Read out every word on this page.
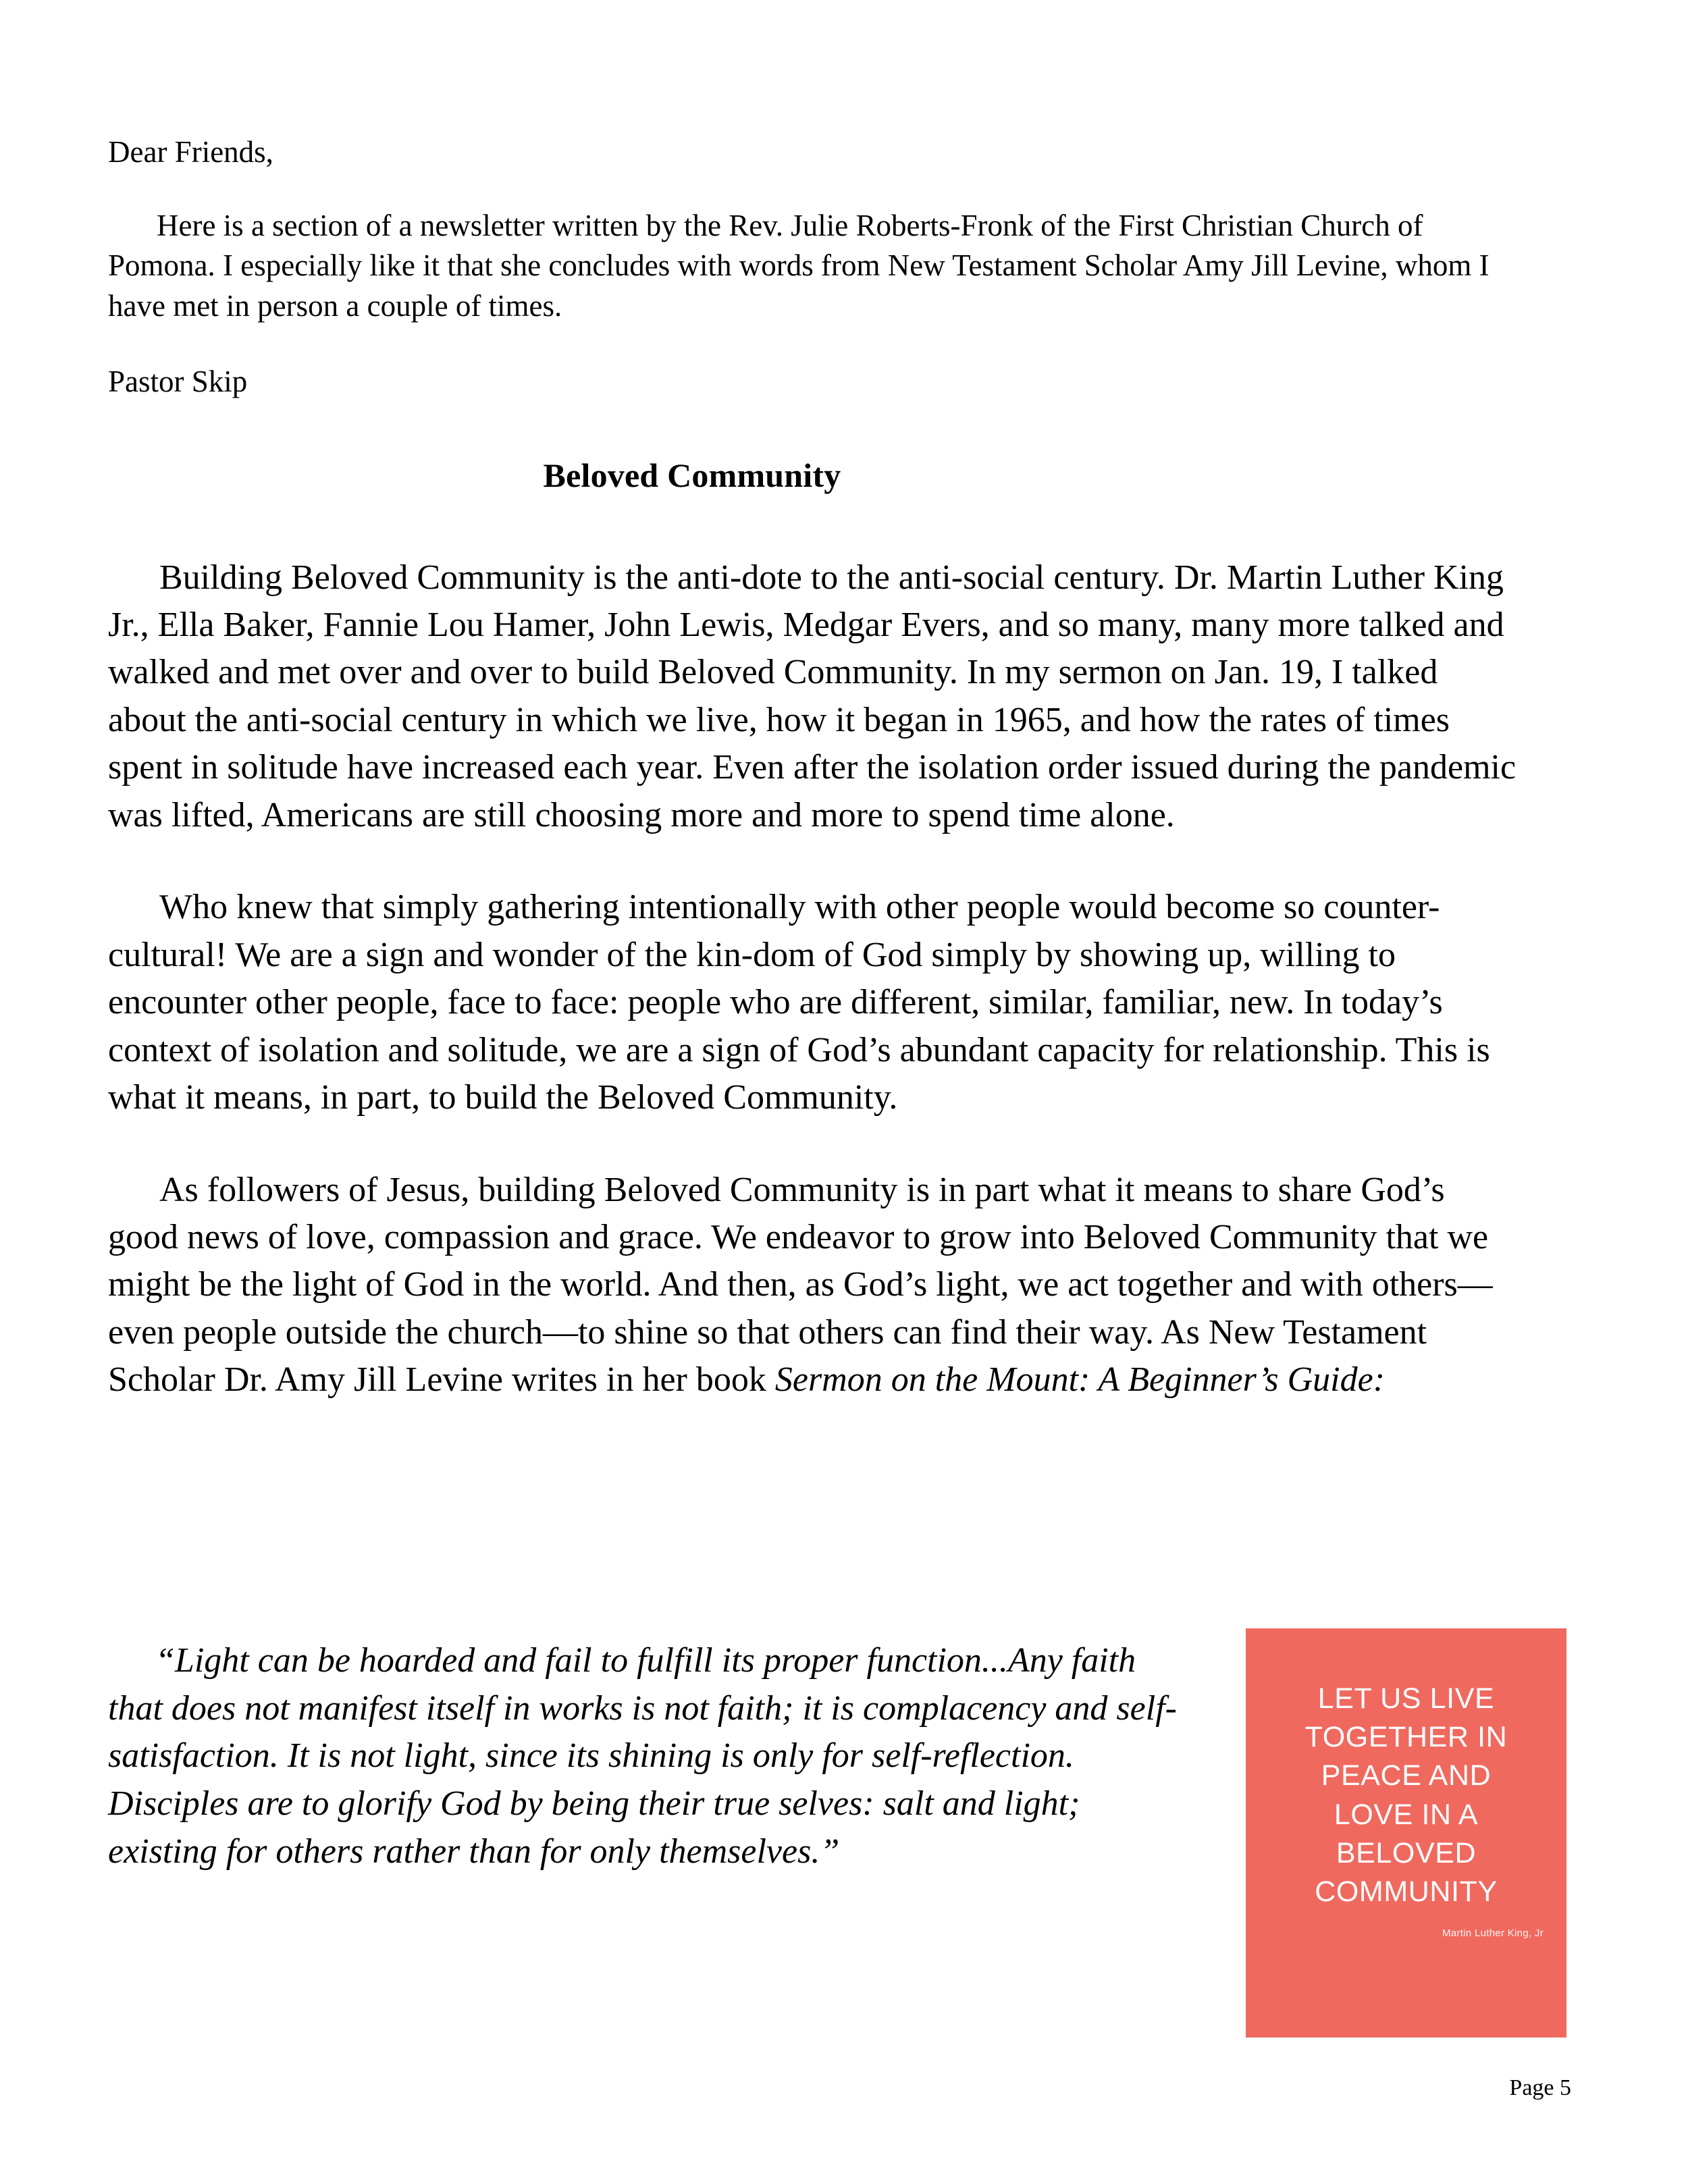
Dear Friends,

Here is a section of a newsletter written by the Rev. Julie Roberts-Fronk of the First Christian Church of Pomona. I especially like it that she concludes with words from New Testament Scholar Amy Jill Levine, whom I have met in person a couple of times.

Pastor Skip

Beloved Community

Building Beloved Community is the anti-dote to the anti-social century. Dr. Martin Luther King Jr., Ella Baker, Fannie Lou Hamer, John Lewis, Medgar Evers, and so many, many more talked and walked and met over and over to build Beloved Community. In my sermon on Jan. 19, I talked about the anti-social century in which we live, how it began in 1965, and how the rates of times spent in solitude have increased each year. Even after the isolation order issued during the pandemic was lifted, Americans are still choosing more and more to spend time alone.

Who knew that simply gathering intentionally with other people would become so counter-cultural! We are a sign and wonder of the kin-dom of God simply by showing up, willing to encounter other people, face to face: people who are different, similar, familiar, new. In today’s context of isolation and solitude, we are a sign of God’s abundant capacity for relationship. This is what it means, in part, to build the Beloved Community.

As followers of Jesus, building Beloved Community is in part what it means to share God’s good news of love, compassion and grace. We endeavor to grow into Beloved Community that we might be the light of God in the world. And then, as God’s light, we act together and with others—even people outside the church—to shine so that others can find their way. As New Testament Scholar Dr. Amy Jill Levine writes in her book Sermon on the Mount: A Beginner’s Guide:

“Light can be hoarded and fail to fulfill its proper function...Any faith that does not manifest itself in works is not faith; it is complacency and self-satisfaction. It is not light, since its shining is only for self-reflection. Disciples are to glorify God by being their true selves: salt and light; existing for others rather than for only themselves.”
LET US LIVE
TOGETHER IN
PEACE AND
LOVE IN A
BELOVED
COMMUNITY
Martin Luther King, Jr
Page 5
